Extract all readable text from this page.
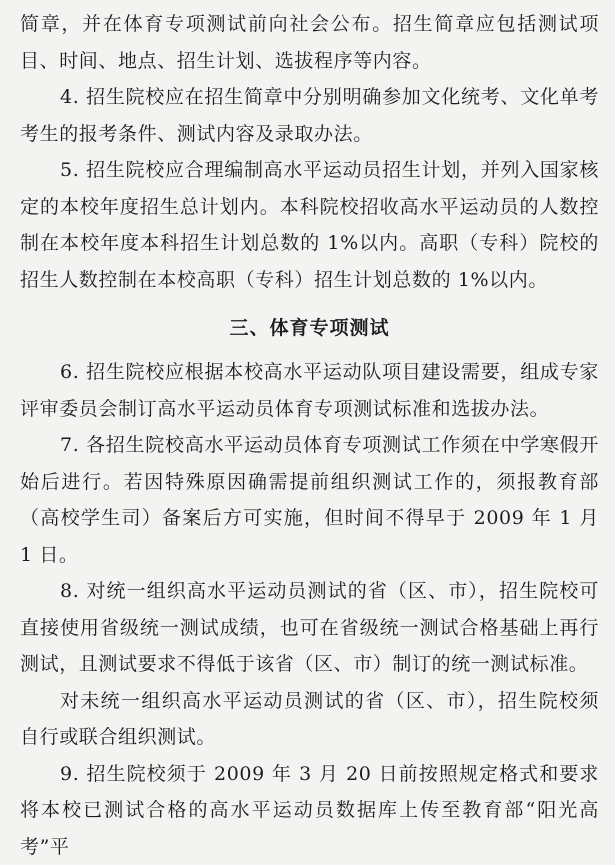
简章，并在体育专项测试前向社会公布。招生简章应包括测试项目、时间、地点、招生计划、选拔程序等内容。

4. 招生院校应在招生简章中分别明确参加文化统考、文化单考考生的报考条件、测试内容及录取办法。

5. 招生院校应合理编制高水平运动员招生计划，并列入国家核定的本校年度招生总计划内。本科院校招收高水平运动员的人数控制在本校年度本科招生计划总数的 1%以内。高职（专科）院校的招生人数控制在本校高职（专科）招生计划总数的 1%以内。

三、体育专项测试

6. 招生院校应根据本校高水平运动队项目建设需要，组成专家评审委员会制订高水平运动员体育专项测试标准和选拔办法。

7. 各招生院校高水平运动员体育专项测试工作须在中学寒假开始后进行。若因特殊原因确需提前组织测试工作的，须报教育部（高校学生司）备案后方可实施，但时间不得早于 2009 年 1 月 1 日。

8. 对统一组织高水平运动员测试的省（区、市），招生院校可直接使用省级统一测试成绩，也可在省级统一测试合格基础上再行测试，且测试要求不得低于该省（区、市）制订的统一测试标准。

对未统一组织高水平运动员测试的省（区、市），招生院校须自行或联合组织测试。

9. 招生院校须于 2009 年 3 月 20 日前按照规定格式和要求将本校已测试合格的高水平运动员数据库上传至教育部“阳光高考”平
